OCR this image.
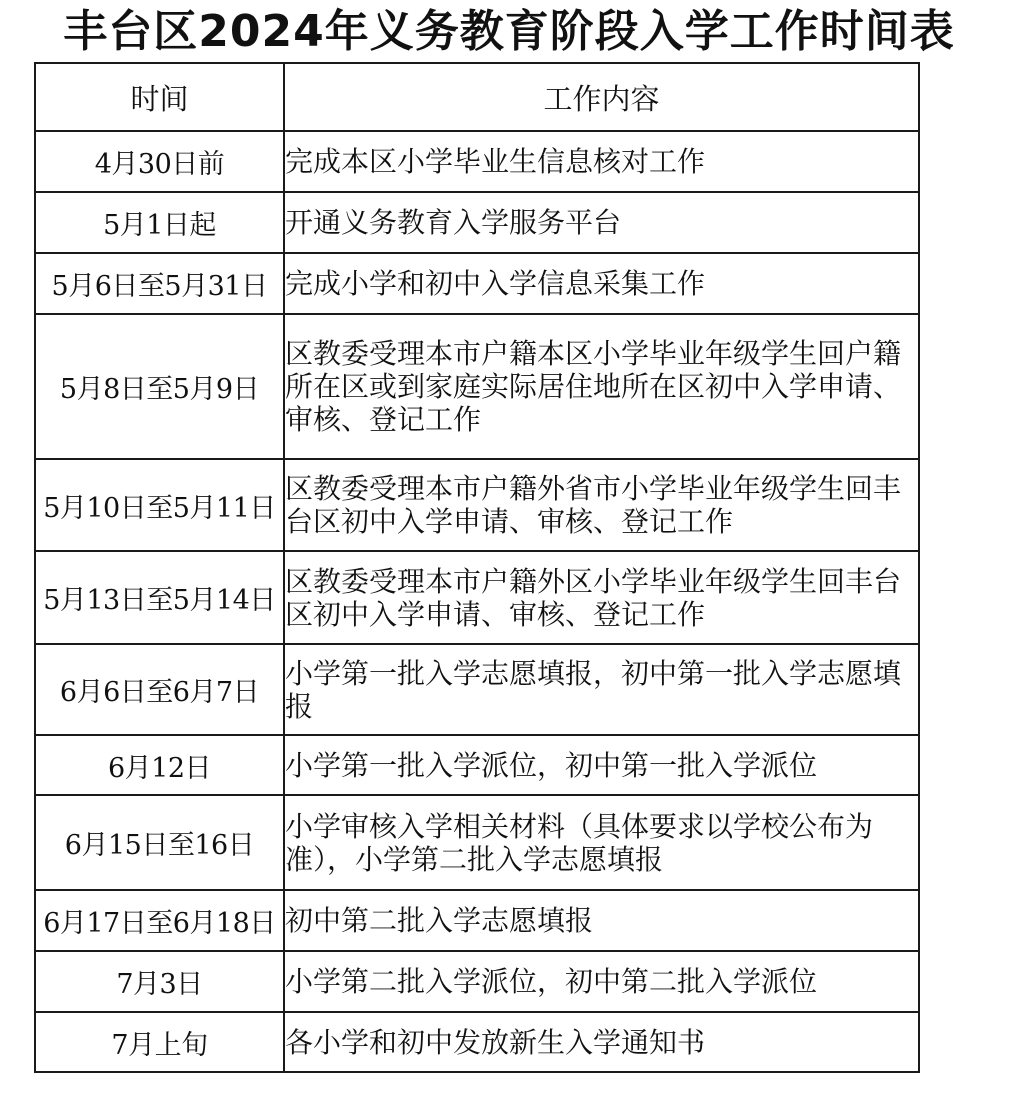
丰台区2024年义务教育阶段入学工作时间表
时间	工作内容
4月30日前	完成本区小学毕业生信息核对工作
5月1日起	开通义务教育入学服务平台
5月6日至5月31日	完成小学和初中入学信息采集工作
5月8日至5月9日	区教委受理本市户籍本区小学毕业年级学生回户籍所在区或到家庭实际居住地所在区初中入学申请、审核、登记工作
5月10日至5月11日	区教委受理本市户籍外省市小学毕业年级学生回丰台区初中入学申请、审核、登记工作
5月13日至5月14日	区教委受理本市户籍外区小学毕业年级学生回丰台区初中入学申请、审核、登记工作
6月6日至6月7日	小学第一批入学志愿填报，初中第一批入学志愿填报
6月12日	小学第一批入学派位，初中第一批入学派位
6月15日至16日	小学审核入学相关材料（具体要求以学校公布为准），小学第二批入学志愿填报
6月17日至6月18日	初中第二批入学志愿填报
7月3日	小学第二批入学派位，初中第二批入学派位
7月上旬	各小学和初中发放新生入学通知书
